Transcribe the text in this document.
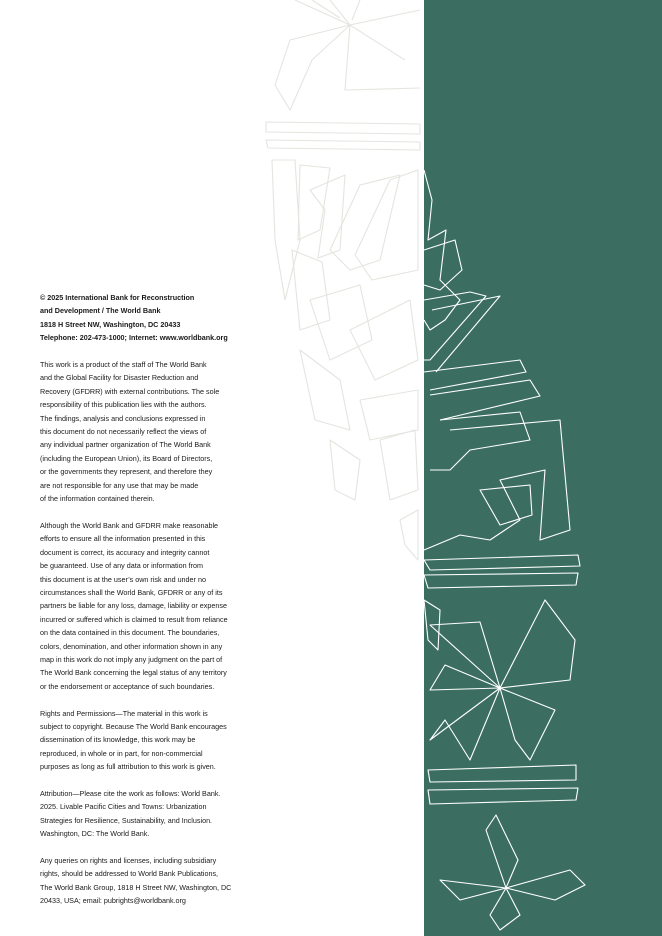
© 2025 International Bank for Reconstruction
and Development / The World Bank
1818 H Street NW, Washington, DC 20433
Telephone: 202-473-1000; Internet: www.worldbank.org

This work is a product of the staff of The World Bank
and the Global Facility for Disaster Reduction and
Recovery (GFDRR) with external contributions. The sole
responsibility of this publication lies with the authors.
The findings, analysis and conclusions expressed in
this document do not necessarily reflect the views of
any individual partner organization of The World Bank
(including the European Union), its Board of Directors,
or the governments they represent, and therefore they
are not responsible for any use that may be made
of the information contained therein.

Although the World Bank and GFDRR make reasonable
efforts to ensure all the information presented in this
document is correct, its accuracy and integrity cannot
be guaranteed. Use of any data or information from
this document is at the user’s own risk and under no
circumstances shall the World Bank, GFDRR or any of its
partners be liable for any loss, damage, liability or expense
incurred or suffered which is claimed to result from reliance
on the data contained in this document. The boundaries,
colors, denomination, and other information shown in any
map in this work do not imply any judgment on the part of
The World Bank concerning the legal status of any territory
or the endorsement or acceptance of such boundaries.

Rights and Permissions—The material in this work is
subject to copyright. Because The World Bank encourages
dissemination of its knowledge, this work may be
reproduced, in whole or in part, for non-commercial
purposes as long as full attribution to this work is given.

Attribution—Please cite the work as follows: World Bank.
2025. Livable Pacific Cities and Towns: Urbanization
Strategies for Resilience, Sustainability, and Inclusion.
Washington, DC: The World Bank.

Any queries on rights and licenses, including subsidiary
rights, should be addressed to World Bank Publications,
The World Bank Group, 1818 H Street NW, Washington, DC
20433, USA; email: pubrights@worldbank.org
